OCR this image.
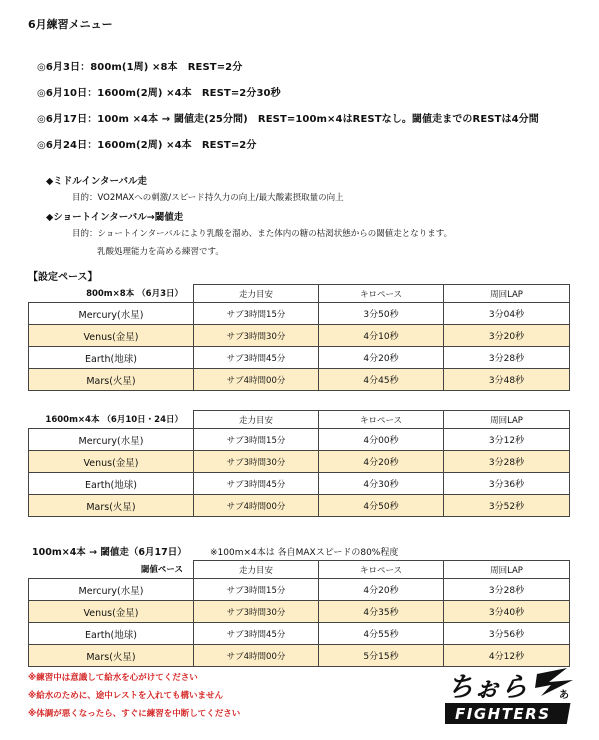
6月練習メニュー
◎6月3日：800m(1周) ×8本　REST=2分
◎6月10日：1600m(2周) ×4本　REST=2分30秒
◎6月17日：100m ×4本 → 閾値走(25分間)　REST=100m×4はRESTなし。閾値走までのRESTは4分間
◎6月24日：1600m(2周) ×4本　REST=2分
◆ミドルインターバル走
目的：VO2MAXへの刺激/スピード持久力の向上/最大酸素摂取量の向上
◆ショートインターバル→閾値走
目的：ショートインターバルにより乳酸を溜め、また体内の糖の枯渇状態からの閾値走となります。
乳酸処理能力を高める練習です。
【設定ペース】
800m×8本 （6月3日）	走力目安	キロペース	周回LAP
Mercury(水星)	サブ3時間15分	3分50秒	3分04秒
Venus(金星)	サブ3時間30分	4分10秒	3分20秒
Earth(地球)	サブ3時間45分	4分20秒	3分28秒
Mars(火星)	サブ4時間00分	4分45秒	3分48秒
1600m×4本 （6月10日・24日）	走力目安	キロペース	周回LAP
Mercury(水星)	サブ3時間15分	4分00秒	3分12秒
Venus(金星)	サブ3時間30分	4分20秒	3分28秒
Earth(地球)	サブ3時間45分	4分30秒	3分36秒
Mars(火星)	サブ4時間00分	4分50秒	3分52秒
100m×4本 → 閾値走（6月17日）	※100m×4本は 各自MAXスピードの80%程度
閾値ペース	走力目安	キロペース	周回LAP
Mercury(水星)	サブ3時間15分	4分20秒	3分28秒
Venus(金星)	サブ3時間30分	4分35秒	3分40秒
Earth(地球)	サブ3時間45分	4分55秒	3分56秒
Mars(火星)	サブ4時間00分	5分15秒	4分12秒
※練習中は意識して給水を心がけてください
※給水のために、途中レストを入れても構いません
※体調が悪くなったら、すぐに練習を中断してください
ちぉら	あ
FIGHTERS
